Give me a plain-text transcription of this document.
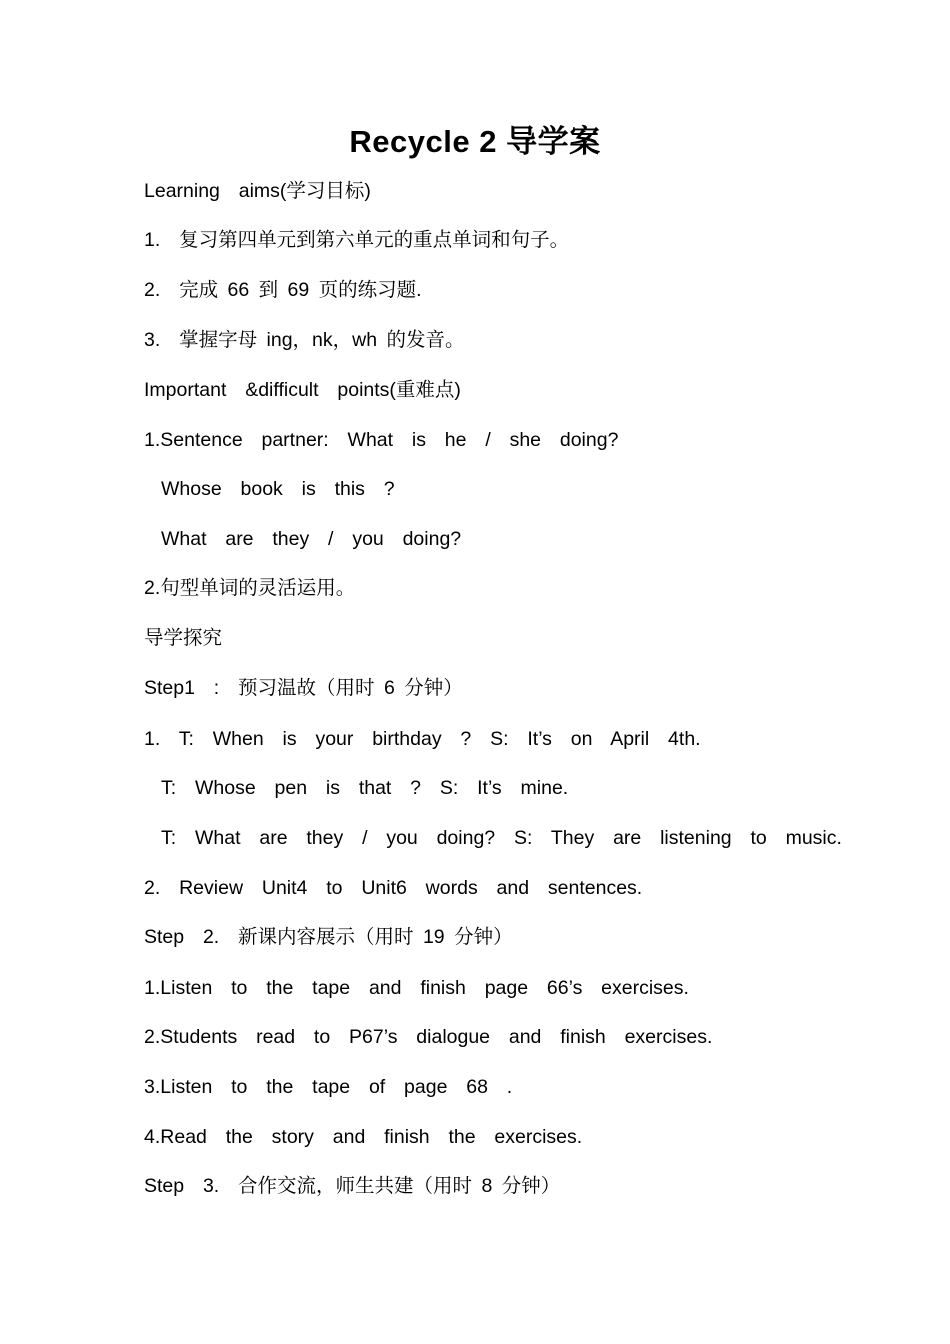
Recycle 2 导学案
Learning  aims(学习目标)
1.  复习第四单元到第六单元的重点单词和句子。
2.  完成 66 到 69 页的练习题.
3.  掌握字母 ing，nk，wh 的发音。
Important  &difficult  points(重难点)
1.Sentence  partner:  What  is  he  /  she  doing?
Whose  book  is  this  ?
What  are  they  /  you  doing?
2.句型单词的灵活运用。
导学探究
Step1  :  预习温故（用时 6 分钟）
1.  T:  When  is  your  birthday  ?  S:  It’s  on  April  4th.
T:  Whose  pen  is  that  ?  S:  It’s  mine.
T:  What  are  they  /  you  doing?  S:  They  are  listening  to  music.
2.  Review  Unit4  to  Unit6  words  and  sentences.
Step  2.  新课内容展示（用时 19 分钟）
1.Listen  to  the  tape  and  finish  page  66’s  exercises.
2.Students  read  to  P67’s  dialogue  and  finish  exercises.
3.Listen  to  the  tape  of  page  68  .
4.Read  the  story  and  finish  the  exercises.
Step  3.  合作交流，师生共建（用时 8 分钟）
